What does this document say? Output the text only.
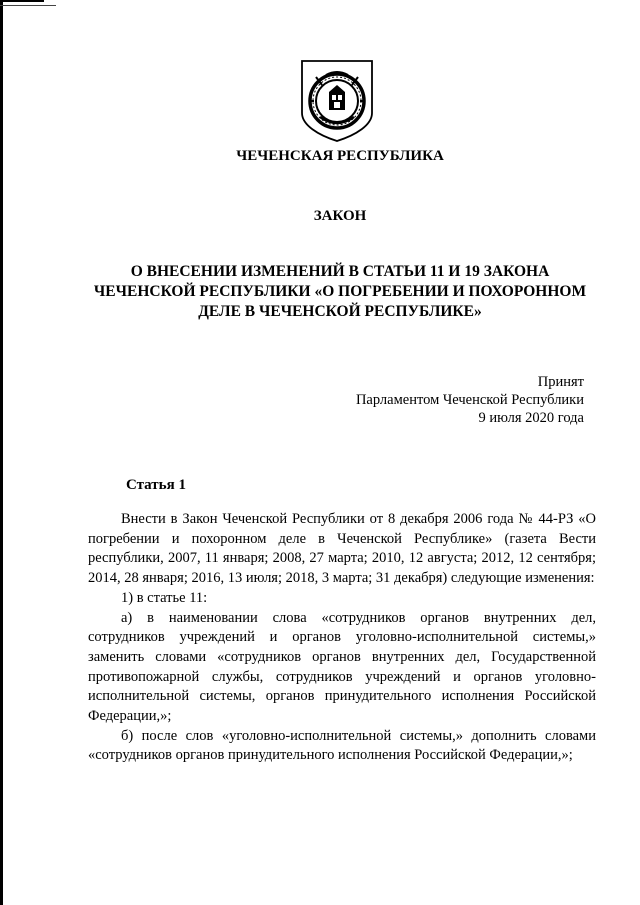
ЧЕЧЕНСКАЯ РЕСПУБЛИКА
ЗАКОН
О ВНЕСЕНИИ ИЗМЕНЕНИЙ В СТАТЬИ 11 И 19 ЗАКОНА
ЧЕЧЕНСКОЙ РЕСПУБЛИКИ «О ПОГРЕБЕНИИ И ПОХОРОННОМ
ДЕЛЕ В ЧЕЧЕНСКОЙ РЕСПУБЛИКЕ»
Принят
Парламентом Чеченской Республики
9 июля 2020 года
Статья 1

Внести в Закон Чеченской Республики от 8 декабря 2006 года № 44-РЗ «О погребении и похоронном деле в Чеченской Республике» (газета Вести республики, 2007, 11 января; 2008, 27 марта; 2010, 12 августа; 2012, 12 сентября; 2014, 28 января; 2016, 13 июля; 2018, 3 марта; 31 декабря) следующие изменения:

1) в статье 11:

а) в наименовании слова «сотрудников органов внутренних дел, сотрудников учреждений и органов уголовно-исполнительной системы,» заменить словами «сотрудников органов внутренних дел, Государственной противопожарной службы, сотрудников учреждений и органов уголовно-исполнительной системы, органов принудительного исполнения Российской Федерации,»;

б) после слов «уголовно-исполнительной системы,» дополнить словами «сотрудников органов принудительного исполнения Российской Федерации,»;
